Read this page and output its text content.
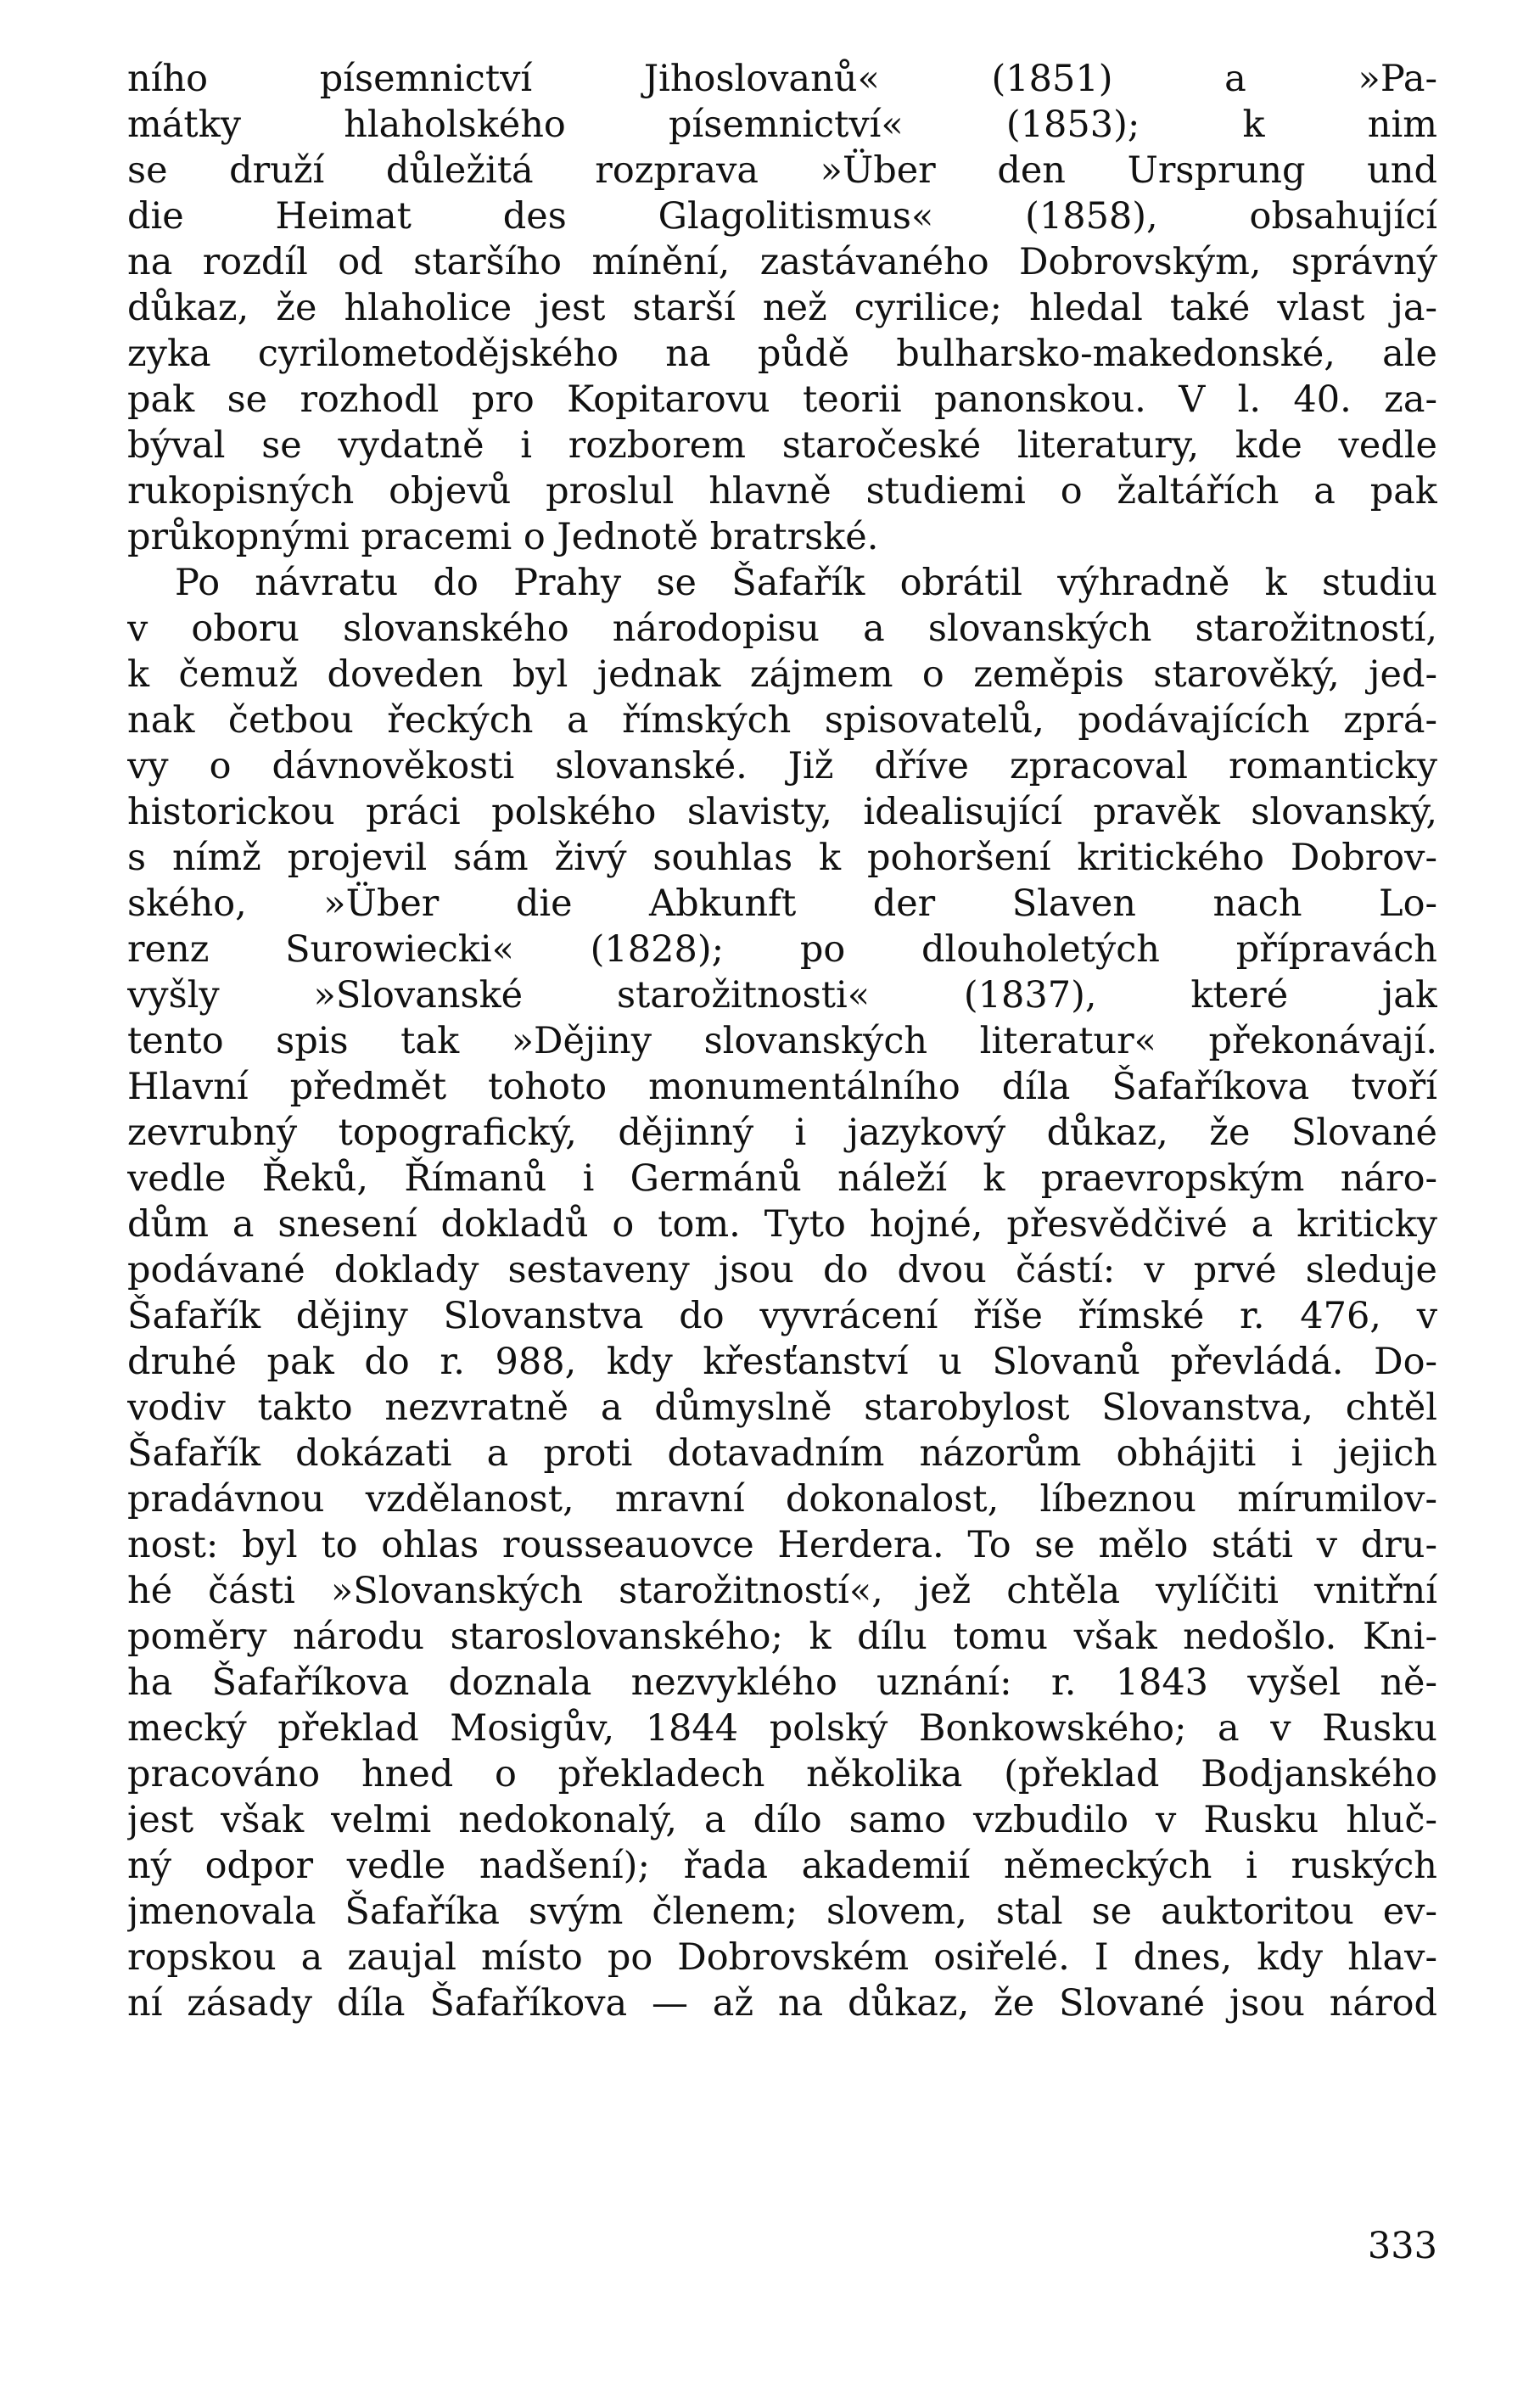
ního písemnictví Jihoslovanů« (1851) a »Pa-
mátky hlaholského písemnictví« (1853); k nim
se druží důležitá rozprava »Über den Ursprung und
die Heimat des Glagolitismus« (1858), obsahující
na rozdíl od staršího mínění, zastávaného Dobrovským, správný
důkaz, že hlaholice jest starší než cyrilice; hledal také vlast ja-
zyka cyrilometodějského na půdě bulharsko-makedonské, ale
pak se rozhodl pro Kopitarovu teorii panonskou. V l. 40. za-
býval se vydatně i rozborem staročeské literatury, kde vedle
rukopisných objevů proslul hlavně studiemi o žaltářích a pak
průkopnými pracemi o Jednotě bratrské.
Po návratu do Prahy se Šafařík obrátil výhradně k studiu
v oboru slovanského národopisu a slovanských starožitností,
k čemuž doveden byl jednak zájmem o zeměpis starověký, jed-
nak četbou řeckých a římských spisovatelů, podávajících zprá-
vy o dávnověkosti slovanské. Již dříve zpracoval romanticky
historickou práci polského slavisty, idealisující pravěk slovanský,
s nímž projevil sám živý souhlas k pohoršení kritického Dobrov-
ského, »Über die Abkunft der Slaven nach Lo-
renz Surowiecki« (1828); po dlouholetých přípravách
vyšly »Slovanské starožitnosti« (1837), které jak
tento spis tak »Dějiny slovanských literatur« překonávají.
Hlavní předmět tohoto monumentálního díla Šafaříkova tvoří
zevrubný topografický, dějinný i jazykový důkaz, že Slované
vedle Řeků, Římanů i Germánů náleží k praevropským náro-
dům a snesení dokladů o tom. Tyto hojné, přesvědčivé a kriticky
podávané doklady sestaveny jsou do dvou částí: v prvé sleduje
Šafařík dějiny Slovanstva do vyvrácení říše římské r. 476, v
druhé pak do r. 988, kdy křesťanství u Slovanů převládá. Do-
vodiv takto nezvratně a důmyslně starobylost Slovanstva, chtěl
Šafařík dokázati a proti dotavadním názorům obhájiti i jejich
pradávnou vzdělanost, mravní dokonalost, líbeznou mírumilov-
nost: byl to ohlas rousseauovce Herdera. To se mělo státi v dru-
hé části »Slovanských starožitností«, jež chtěla vylíčiti vnitřní
poměry národu staroslovanského; k dílu tomu však nedošlo. Kni-
ha Šafaříkova doznala nezvyklého uznání: r. 1843 vyšel ně-
mecký překlad Mosigův, 1844 polský Bonkowského; a v Rusku
pracováno hned o překladech několika (překlad Bodjanského
jest však velmi nedokonalý, a dílo samo vzbudilo v Rusku hluč-
ný odpor vedle nadšení); řada akademií německých i ruských
jmenovala Šafaříka svým členem; slovem, stal se auktoritou ev-
ropskou a zaujal místo po Dobrovském osiřelé. I dnes, kdy hlav-
ní zásady díla Šafaříkova — až na důkaz, že Slované jsou národ
333
